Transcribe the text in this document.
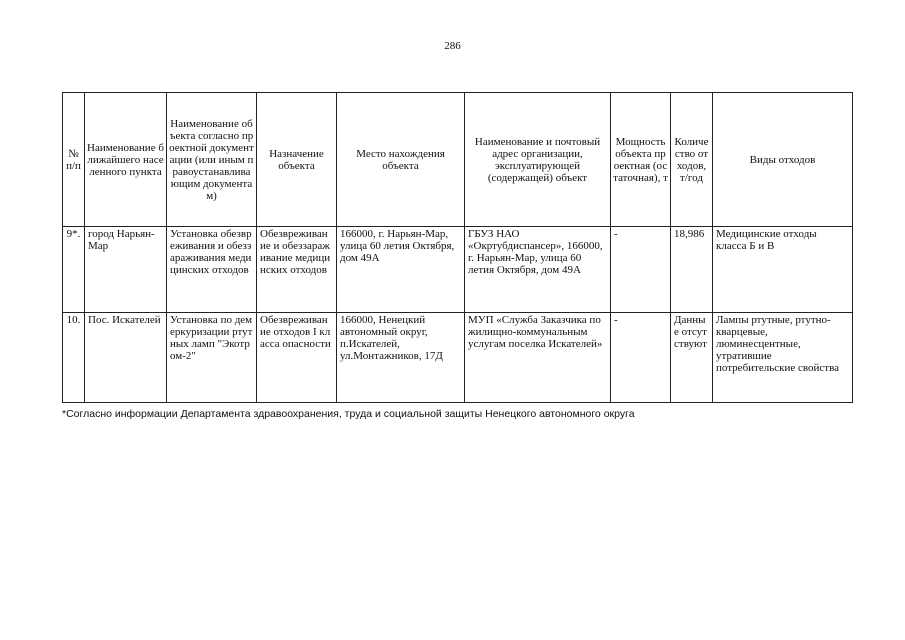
286
№ п/п	Наименование ближайшего населенного пункта	Наименование объекта согласно проектной документации (или иным правоустанавливающим документам)	Назначение объекта	Место нахождения объекта	Наименование и почтовый адрес организации, эксплуатирующей (содержащей) объект	Мощность объекта проектная (остаточная), т	Количество отходов, т/год	Виды отходов
9*.	город Нарьян-Мар	Установка обезвреживания и обеззараживания медицинских отходов	Обезвреживание и обеззараживание медицинских отходов	166000, г. Нарьян-Мар, улица 60 летия Октября, дом 49А	ГБУЗ НАО «Окртубдиспансер», 166000, г. Нарьян-Мар, улица 60 летия Октября, дом 49А	-	18,986	Медицинские отходы класса Б и В
10.	Пос. Искателей	Установка по демеркуризации ртутных ламп "Экотром-2"	Обезвреживание отходов I класса опасности	166000, Ненецкий автономный округ, п.Искателей, ул.Монтажников, 17Д	МУП «Служба Заказчика по жилищно-коммунальным услугам поселка Искателей»	-	Данные отсутствуют	Лампы ртутные, ртутно-кварцевые, люминесцентные, утратившие потребительские свойства
*Согласно информации Департамента здравоохранения, труда и социальной защиты Ненецкого автономного округа
